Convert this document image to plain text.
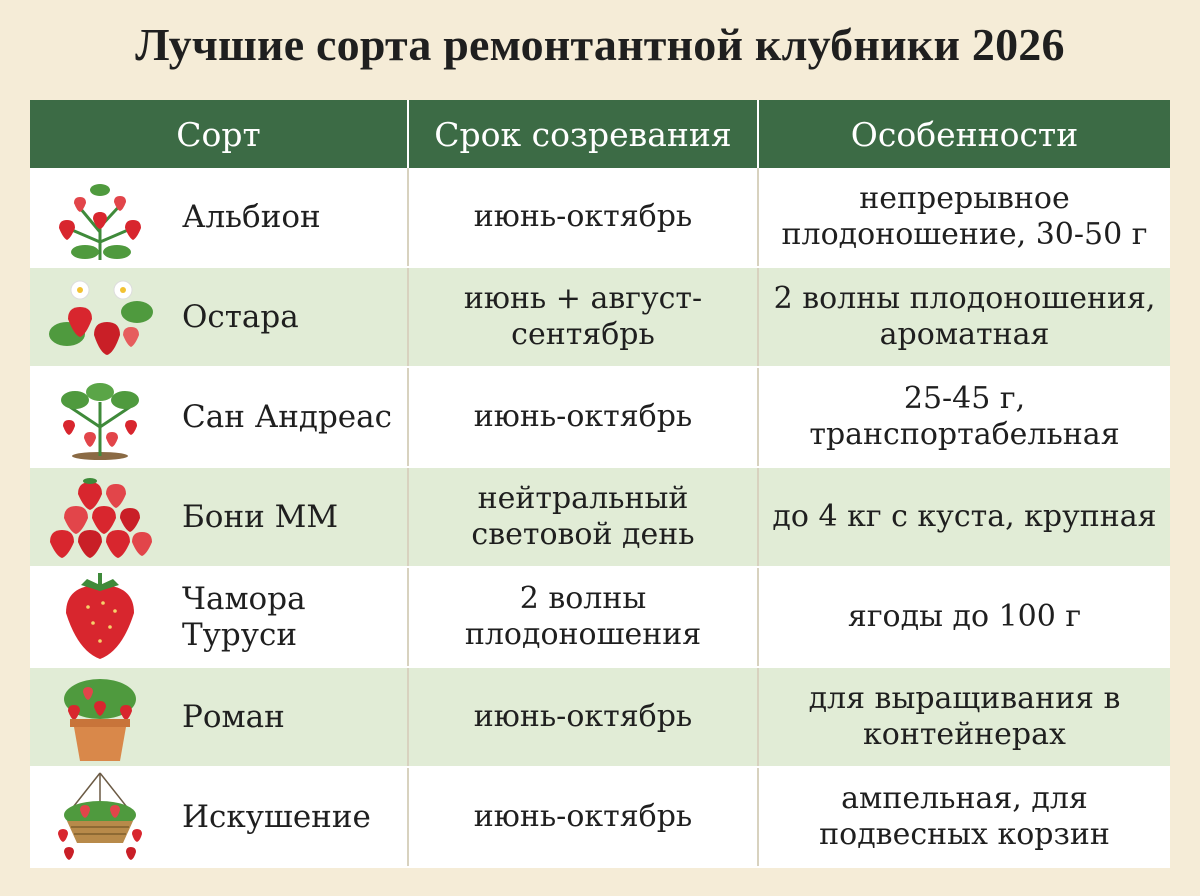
Лучшие сорта ремонтантной клубники 2026
Сорт	Срок созревания	Особенности

Альбион	июнь-октябрь	непрерывное плодоношение, 30-50 г

Остара	июнь + август-сентябрь	2 волны плодоношения, ароматная

Сан Андреас	июнь-октябрь	25-45 г, транспортабельная

Бони ММ	нейтральный световой день	до 4 кг с куста, крупная

Чамора Туруси	2 волны плодоношения	ягоды до 100 г

Роман	июнь-октябрь	для выращивания в контейнерах

Искушение	июнь-октябрь	ампельная, для подвесных корзин
